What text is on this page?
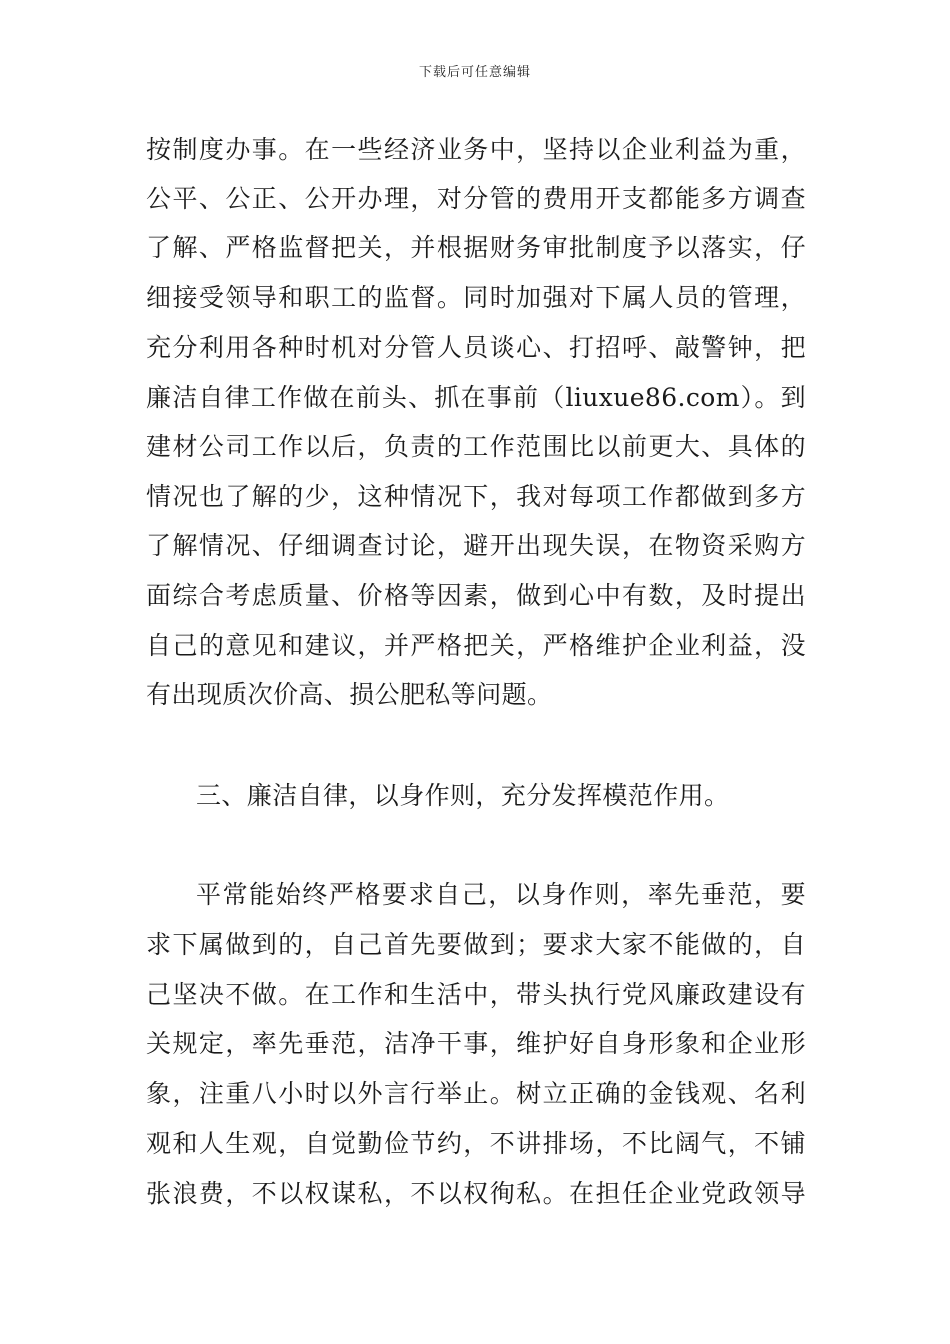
下载后可任意编辑
按制度办事。在一些经济业务中，坚持以企业利益为重，
公平、公正、公开办理，对分管的费用开支都能多方调查
了解、严格监督把关，并根据财务审批制度予以落实，仔
细接受领导和职工的监督。同时加强对下属人员的管理，
充分利用各种时机对分管人员谈心、打招呼、敲警钟，把
廉洁自律工作做在前头、抓在事前（liuxue86.com）。到
建材公司工作以后，负责的工作范围比以前更大、具体的
情况也了解的少，这种情况下，我对每项工作都做到多方
了解情况、仔细调查讨论，避开出现失误，在物资采购方
面综合考虑质量、价格等因素，做到心中有数，及时提出
自己的意见和建议，并严格把关，严格维护企业利益，没
有出现质次价高、损公肥私等问题。
三、廉洁自律，以身作则，充分发挥模范作用。
平常能始终严格要求自己，以身作则，率先垂范，要
求下属做到的，自己首先要做到；要求大家不能做的，自
己坚决不做。在工作和生活中，带头执行党风廉政建设有
关规定，率先垂范，洁净干事，维护好自身形象和企业形
象，注重八小时以外言行举止。树立正确的金钱观、名利
观和人生观，自觉勤俭节约，不讲排场，不比阔气，不铺
张浪费，不以权谋私，不以权徇私。在担任企业党政领导
